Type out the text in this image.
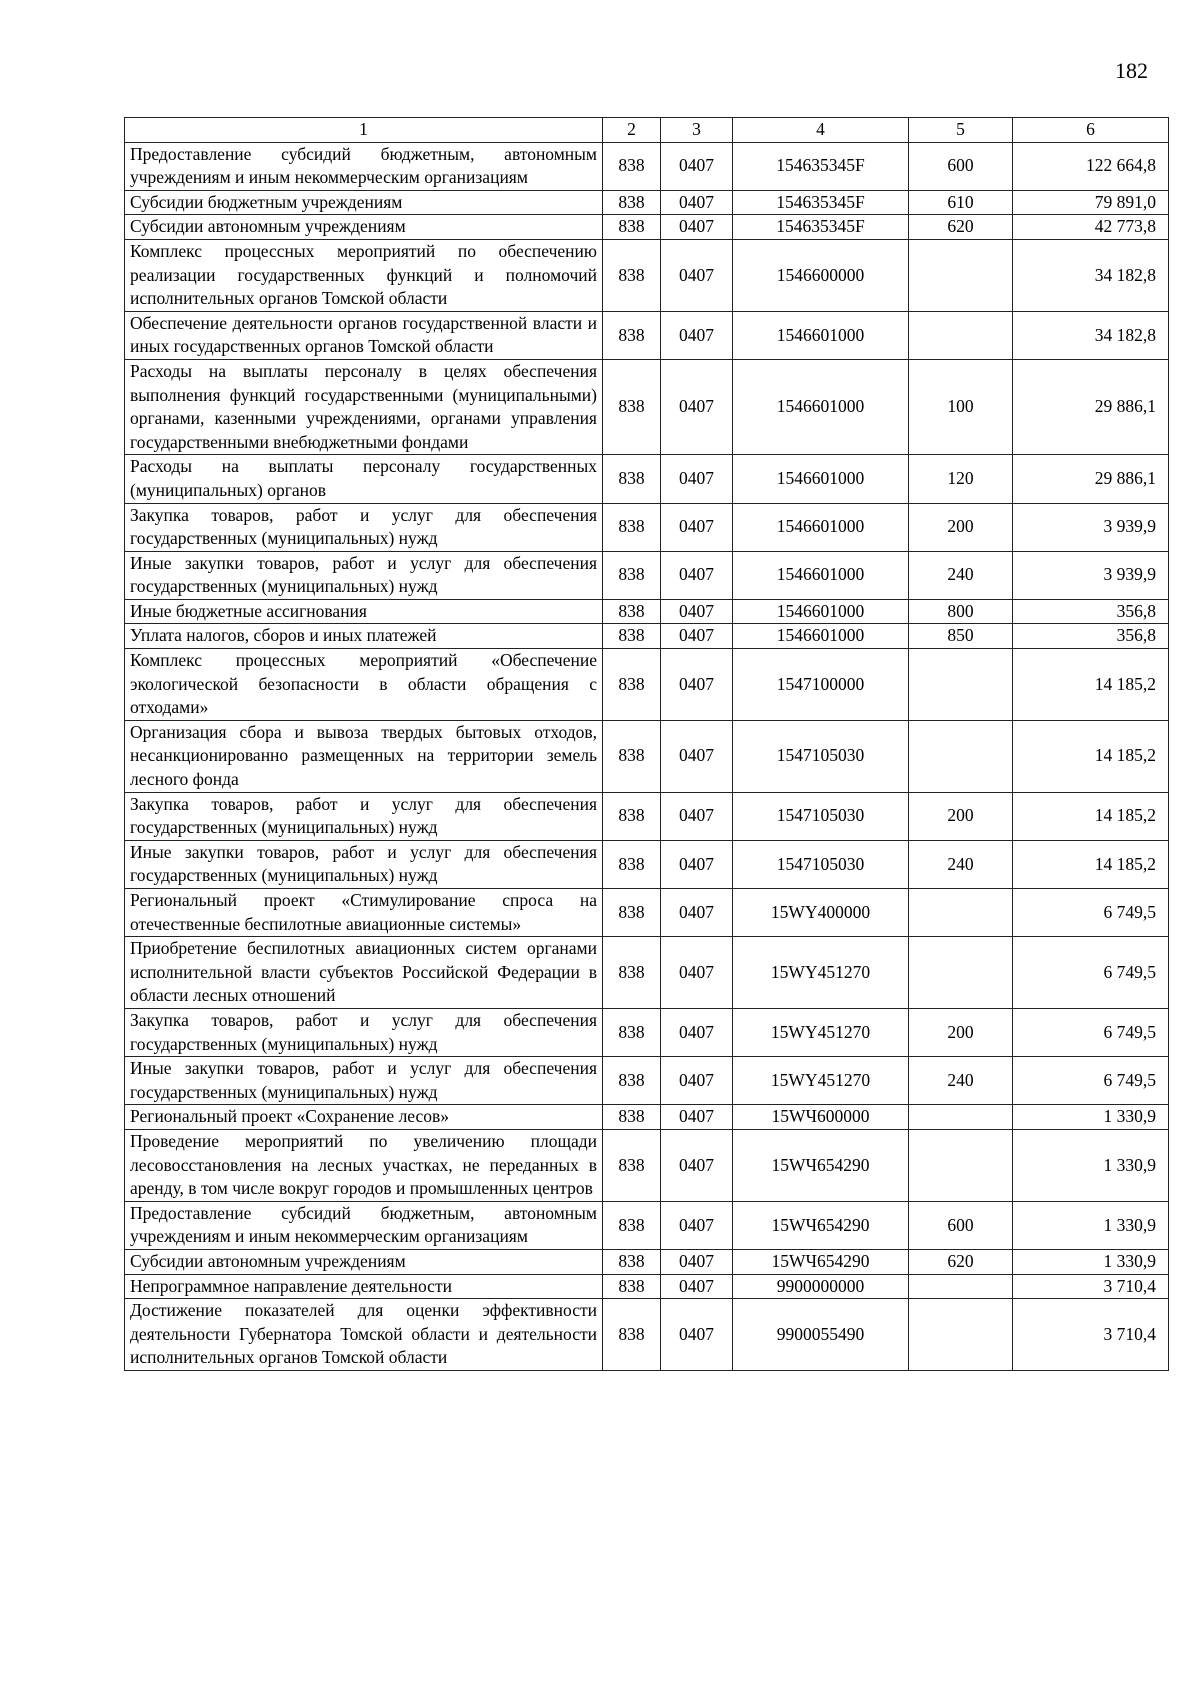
182
1	2	3	4	5	6
Предоставление субсидий бюджетным, автономным учреждениям и иным некоммерческим организациям	838	0407	154635345F	600	122 664,8
Субсидии бюджетным учреждениям	838	0407	154635345F	610	79 891,0
Субсидии автономным учреждениям	838	0407	154635345F	620	42 773,8
Комплекс процессных мероприятий по обеспечению реализации государственных функций и полномочий исполнительных органов Томской области	838	0407	1546600000		34 182,8
Обеспечение деятельности органов государственной власти и иных государственных органов Томской области	838	0407	1546601000		34 182,8
Расходы на выплаты персоналу в целях обеспечения выполнения функций государственными (муниципальными) органами, казенными учреждениями, органами управления государственными внебюджетными фондами	838	0407	1546601000	100	29 886,1
Расходы на выплаты персоналу государственных (муниципальных) органов	838	0407	1546601000	120	29 886,1
Закупка товаров, работ и услуг для обеспечения государственных (муниципальных) нужд	838	0407	1546601000	200	3 939,9
Иные закупки товаров, работ и услуг для обеспечения государственных (муниципальных) нужд	838	0407	1546601000	240	3 939,9
Иные бюджетные ассигнования	838	0407	1546601000	800	356,8
Уплата налогов, сборов и иных платежей	838	0407	1546601000	850	356,8
Комплекс процессных мероприятий «Обеспечение экологической безопасности в области обращения с отходами»	838	0407	1547100000		14 185,2
Организация сбора и вывоза твердых бытовых отходов, несанкционированно размещенных на территории земель лесного фонда	838	0407	1547105030		14 185,2
Закупка товаров, работ и услуг для обеспечения государственных (муниципальных) нужд	838	0407	1547105030	200	14 185,2
Иные закупки товаров, работ и услуг для обеспечения государственных (муниципальных) нужд	838	0407	1547105030	240	14 185,2
Региональный проект «Стимулирование спроса на отечественные беспилотные авиационные системы»	838	0407	15WY400000		6 749,5
Приобретение беспилотных авиационных систем органами исполнительной власти субъектов Российской Федерации в области лесных отношений	838	0407	15WY451270		6 749,5
Закупка товаров, работ и услуг для обеспечения государственных (муниципальных) нужд	838	0407	15WY451270	200	6 749,5
Иные закупки товаров, работ и услуг для обеспечения государственных (муниципальных) нужд	838	0407	15WY451270	240	6 749,5
Региональный проект «Сохранение лесов»	838	0407	15WЧ600000		1 330,9
Проведение мероприятий по увеличению площади лесовосстановления на лесных участках, не переданных в аренду, в том числе вокруг городов и промышленных центров	838	0407	15WЧ654290		1 330,9
Предоставление субсидий бюджетным, автономным учреждениям и иным некоммерческим организациям	838	0407	15WЧ654290	600	1 330,9
Субсидии автономным учреждениям	838	0407	15WЧ654290	620	1 330,9
Непрограммное направление деятельности	838	0407	9900000000		3 710,4
Достижение показателей для оценки эффективности деятельности Губернатора Томской области и деятельности исполнительных органов Томской области	838	0407	9900055490		3 710,4
